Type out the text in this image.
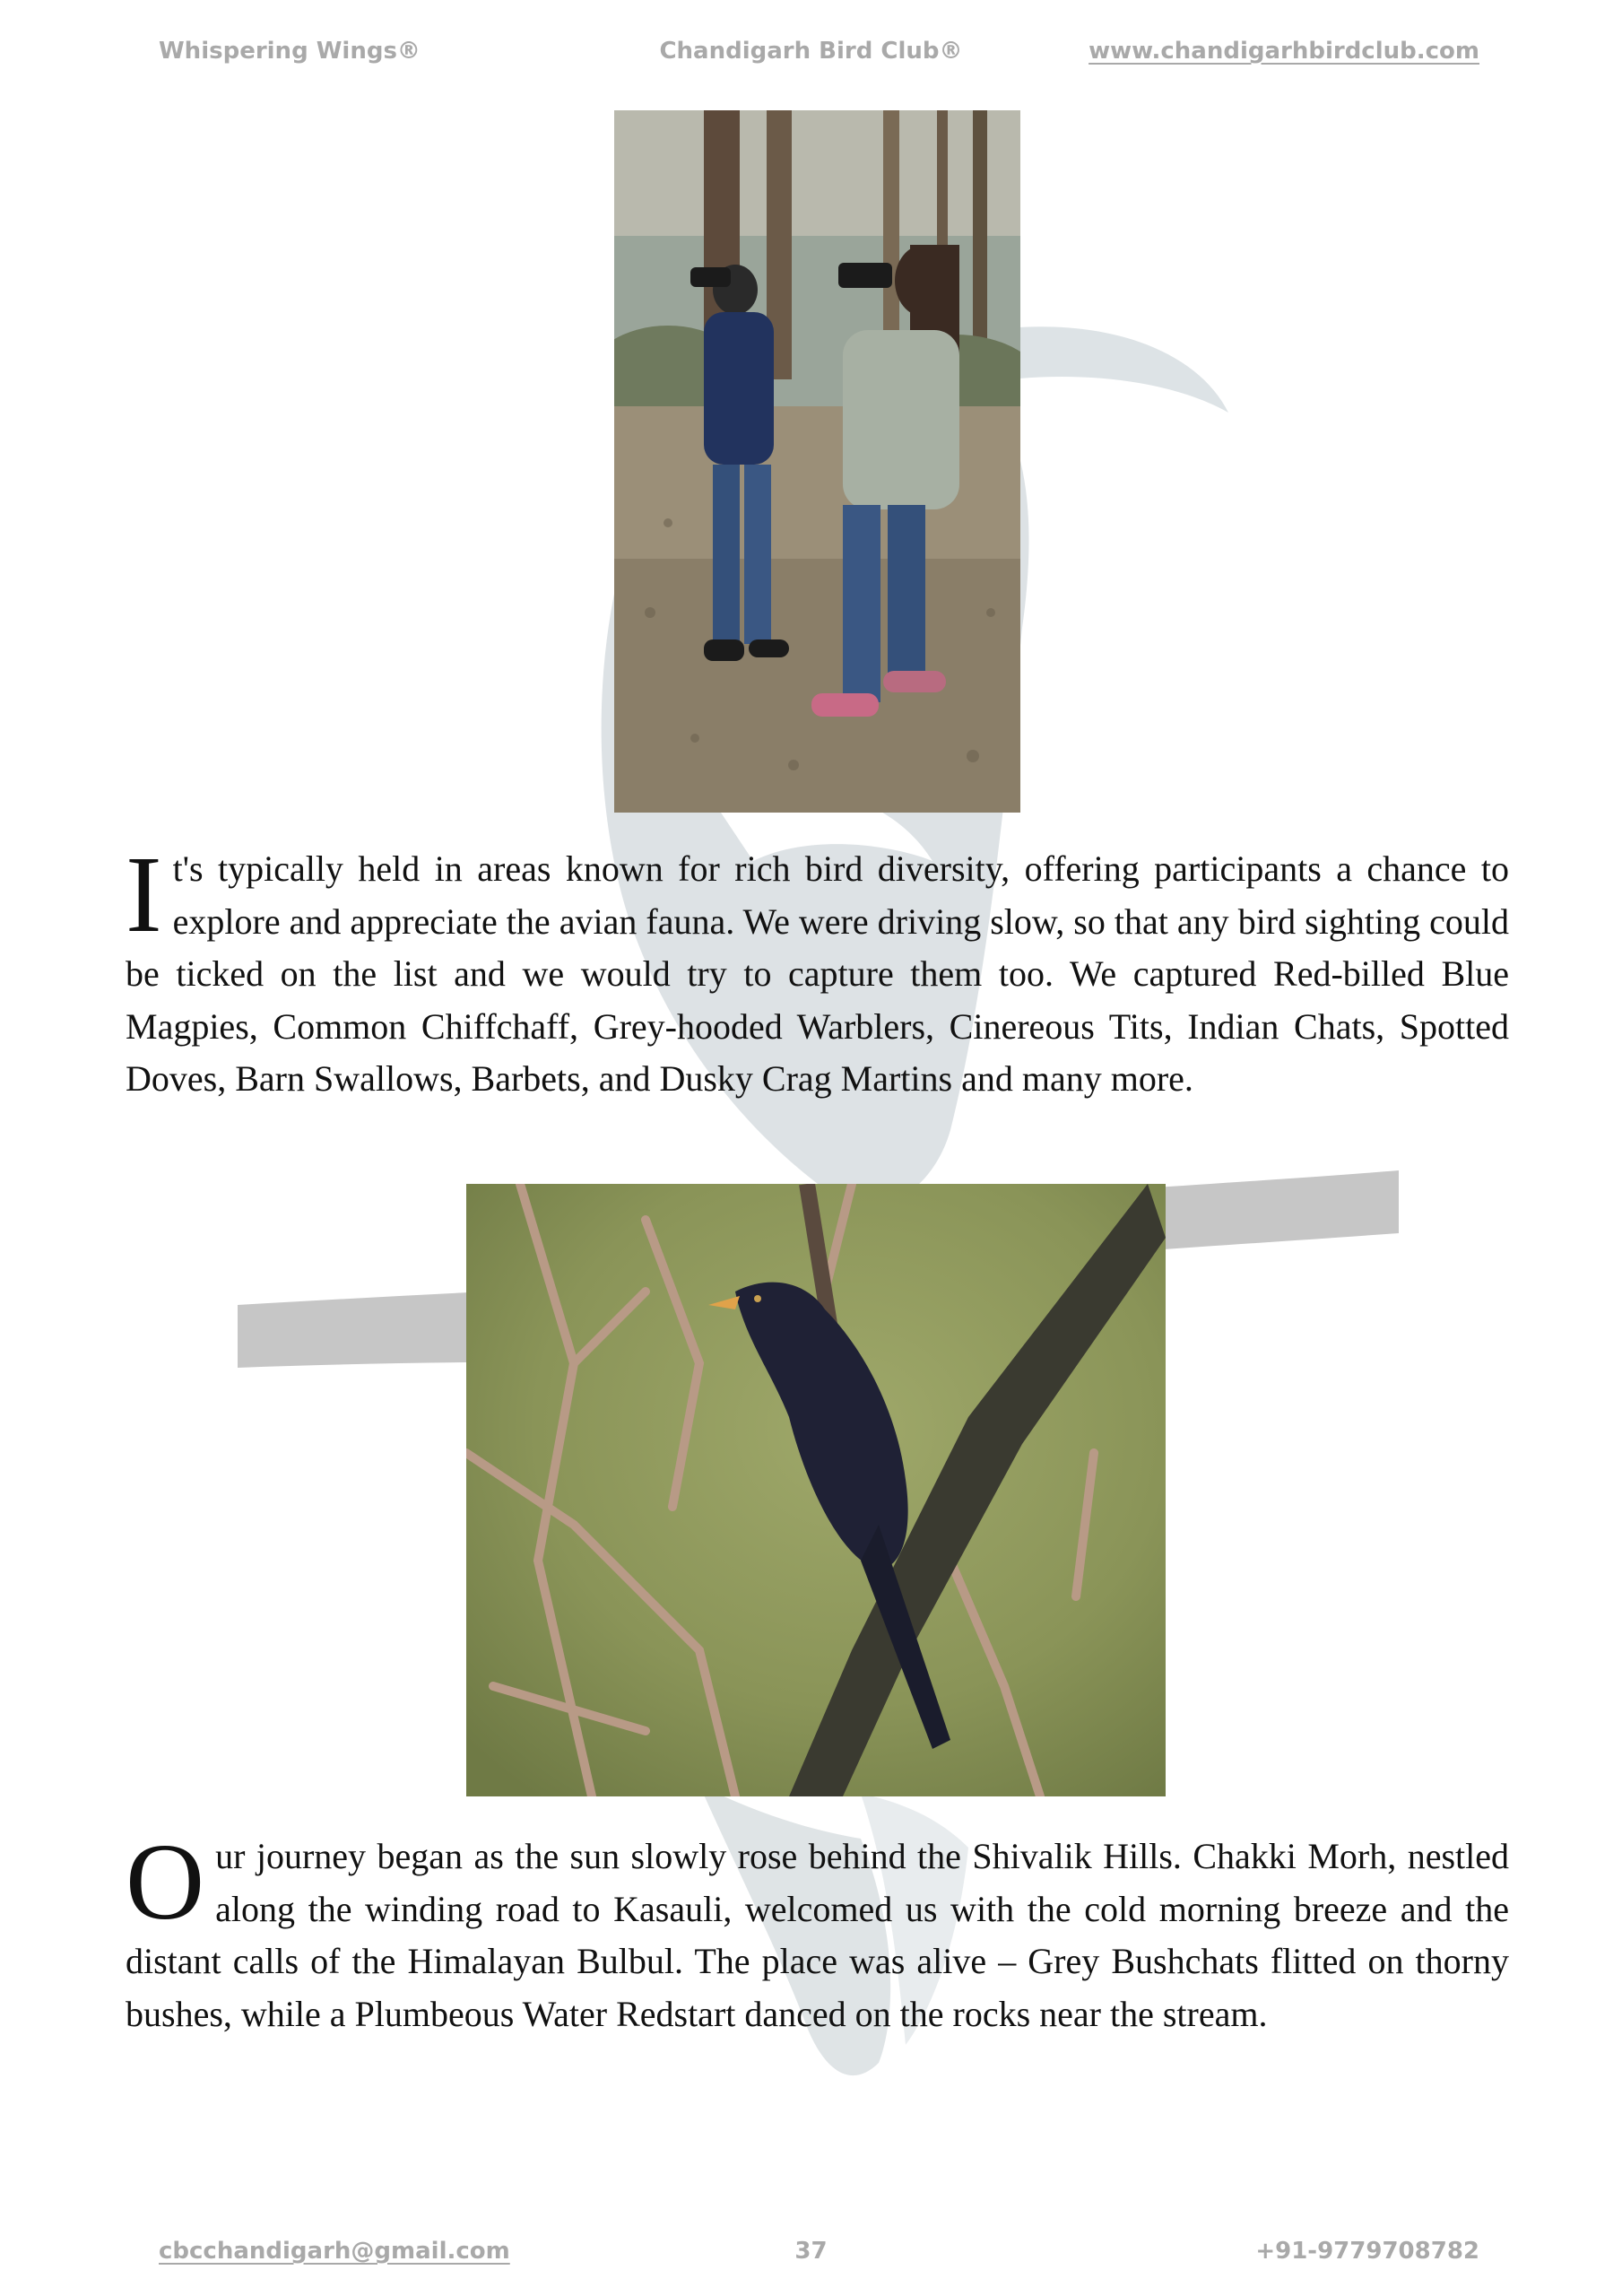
Whispering Wings®	Chandigarh Bird Club®	www.chandigarhbirdclub.com
It's typically held in areas known for rich bird diversity, offering participants a chance to explore and appreciate the avian fauna. We were driving slow, so that any bird sighting could be ticked on the list and we would try to capture them too. We captured Red-billed Blue Magpies, Common Chiffchaff, Grey-hooded Warblers, Cinereous Tits, Indian Chats, Spotted Doves, Barn Swallows, Barbets, and Dusky Crag Martins and many more.
Our journey began as the sun slowly rose behind the Shivalik Hills. Chakki Morh, nestled along the winding road to Kasauli, welcomed us with the cold morning breeze and the distant calls of the Himalayan Bulbul. The place was alive – Grey Bushchats flitted on thorny bushes, while a Plumbeous Water Redstart danced on the rocks near the stream.
cbcchandigarh@gmail.com	37	+91-9779708782
